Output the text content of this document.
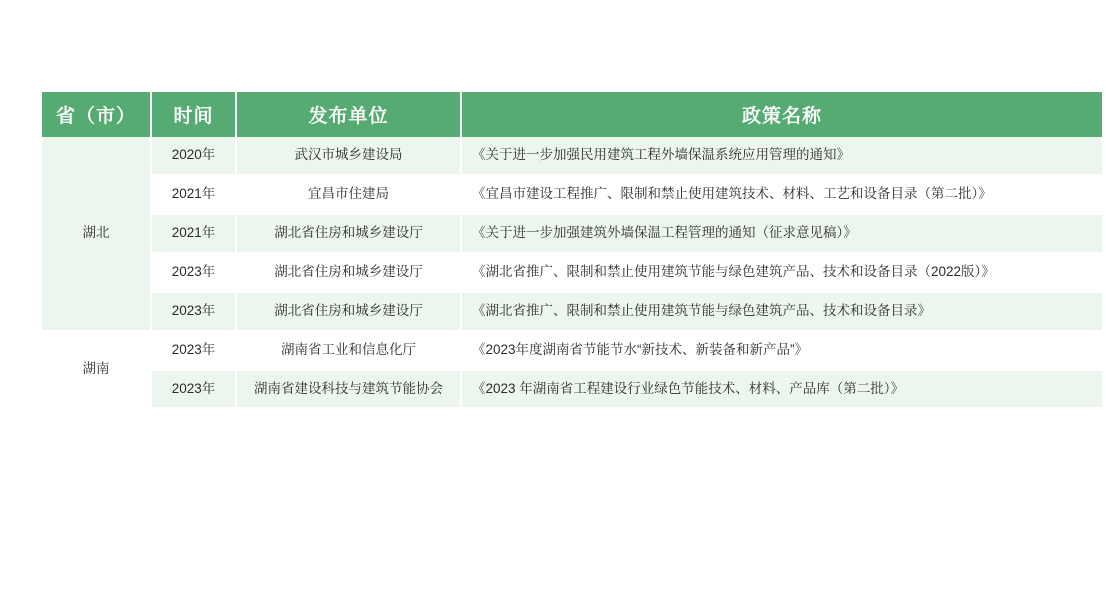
省（市）	时间	发布单位	政策名称
湖北	2020年	武汉市城乡建设局	《关于进一步加强民用建筑工程外墙保温系统应用管理的通知》
	2021年	宜昌市住建局	《宜昌市建设工程推广、限制和禁止使用建筑技术、材料、工艺和设备目录（第二批）》
	2021年	湖北省住房和城乡建设厅	《关于进一步加强建筑外墙保温工程管理的通知（征求意见稿）》
	2023年	湖北省住房和城乡建设厅	《湖北省推广、限制和禁止使用建筑节能与绿色建筑产品、技术和设备目录（2022版）》
	2023年	湖北省住房和城乡建设厅	《湖北省推广、限制和禁止使用建筑节能与绿色建筑产品、技术和设备目录》
湖南	2023年	湖南省工业和信息化厅	《2023年度湖南省节能节水“新技术、新装备和新产品”》
	2023年	湖南省建设科技与建筑节能协会	《2023 年湖南省工程建设行业绿色节能技术、材料、产品库（第二批）》
